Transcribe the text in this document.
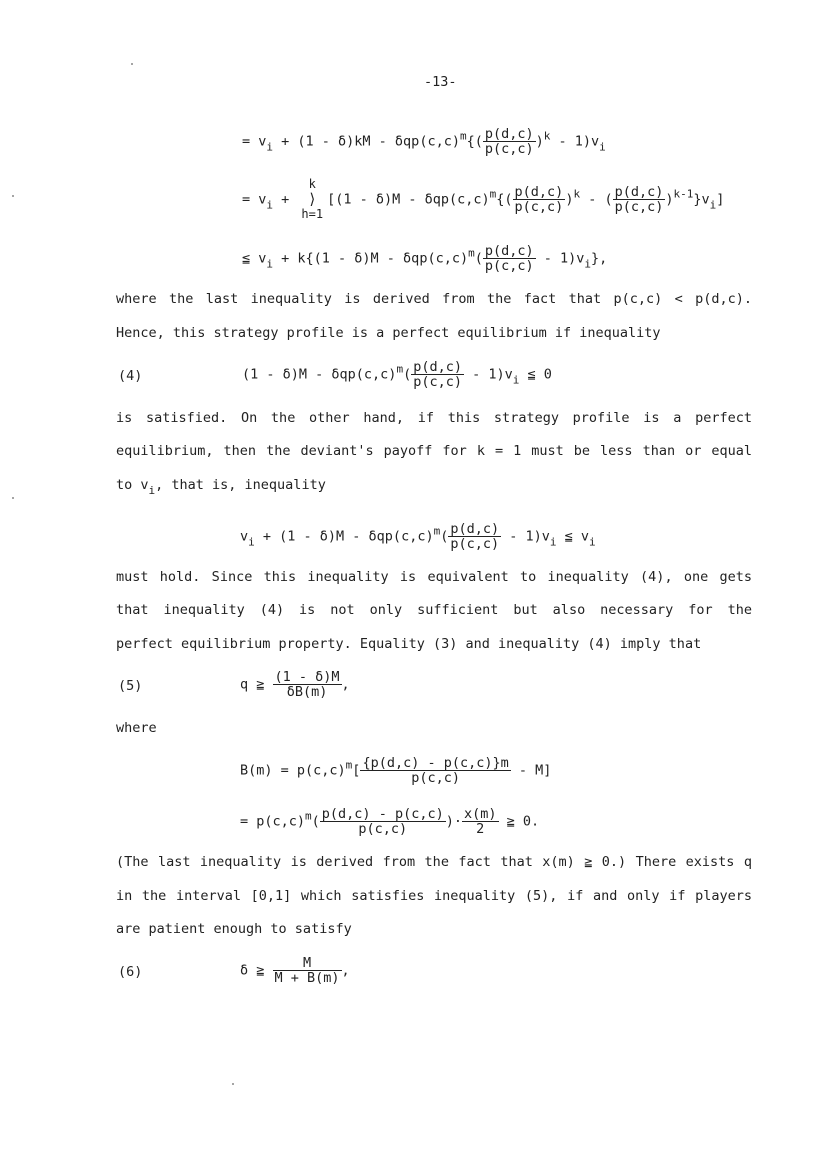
-13-
= $v_i + (1 - \delta)kM - \delta qp(c,c)^m\{( \frac{p(d,c)}{p(c,c)} )^k - 1)v_i$
= $v_i$ +
k
⟩
h=1
[$(1 - \delta)M - \delta qp(c,c)^m\{( \frac{p(d,c)}{p(c,c)} )^k$ - ( $\frac{p(d,c)}{p(c,c)} )^{k-1}\}v_i$]
≦ $v_i + k\{(1 - \delta)M - \delta qp(c,c)^m( \frac{p(d,c)}{p(c,c)} - 1)v_i\}$,
where the last inequality is derived from the fact that p(c,c) < p(d,c).
Hence, this strategy profile is a perfect equilibrium if inequality
(4)	$(1 - \delta)M - \delta qp(c,c)^m( \frac{p(d,c)}{p(c,c)} - 1)v_i$ ≦ 0
is satisfied. On the other hand, if this strategy profile is a perfect
equilibrium, then the deviant's payoff for k = 1 must be less than or equal
to $v_i$, that is, inequality
$v_i + (1 - \delta)M - \delta qp(c,c)^m( \frac{p(d,c)}{p(c,c)} - 1)v_i$ ≦ $v_i$
must hold. Since this inequality is equivalent to inequality (4), one gets
that inequality (4) is not only sufficient but also necessary for the
perfect equilibrium property. Equality (3) and inequality (4) imply that
(5)	q ≧ $\frac{(1 - \delta)M}{\delta B(m)}$ ,
where
$B(m) = p(c,c)^m[ \frac{\{p(d,c) - p(c,c)\}m}{p(c,c)} - M]$
= $p(c,c)^m( \frac{p(d,c) - p(c,c)}{p(c,c)}$ )· $\frac{x(m)}{2}$ ≧ 0.
(The last inequality is derived from the fact that x(m) ≧ 0.) There exists q
in the interval [0,1] which satisfies inequality (5), if and only if players
are patient enough to satisfy
(6)	δ ≧ $\frac{M}{M + B(m)}$ ,
